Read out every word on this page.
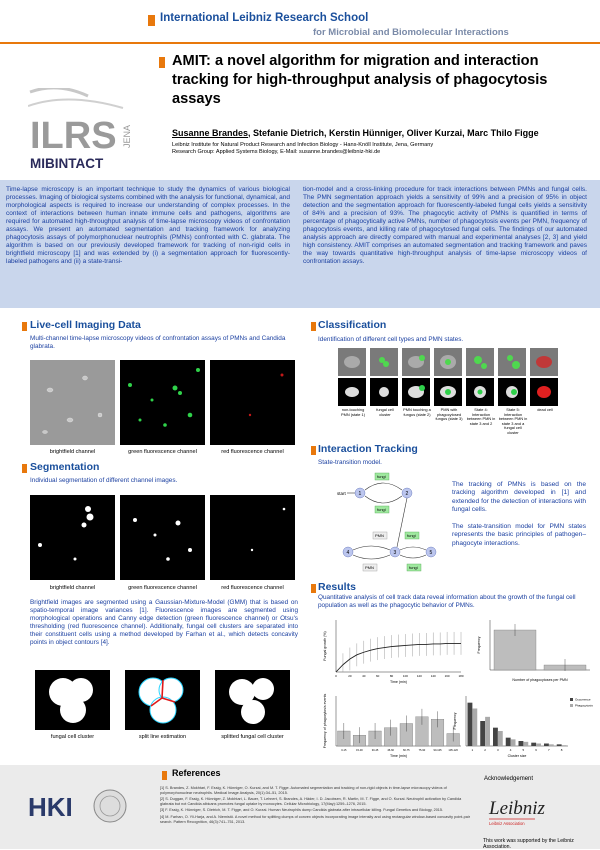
International Leibniz Research School
for Microbial and Biomolecular Interactions
ILRS JENA
MIBINTACT
AMIT: a novel algorithm for migration and interaction tracking for high-throughput analysis of phagocytosis assays
Susanne Brandes, Stefanie Dietrich, Kerstin Hünniger, Oliver Kurzai, Marc Thilo Figge
Leibniz Institute for Natural Product Research and Infection Biology - Hans-Knöll Institute, Jena, Germany
Research Group: Applied Systems Biology, E-Mail: susanne.brandes@leibniz-hki.de
Time-lapse microscopy is an important technique to study the dynamics of various biological processes. Imaging of biological systems combined with the analysis for functional, dynamical, and morphological aspects is required to increase our understanding of complex processes. In the context of interactions between human innate immune cells and pathogens, algorithms are required for automated high-throughput analysis of time-lapse microscopy videos of confrontation assays. We present an automated segmentation and tracking framework for analyzing phagocytosis assays of polymorphonuclear neutrophils (PMNs) confronted with C. glabrata. The algorithm is based on our previously developed framework for tracking of non-rigid cells in brightfield microscopy [1] and was extended by (i) a segmentation approach for fluorescently-labeled pathogens and (ii) a state-transi-
tion-model and a cross-linking procedure for track interactions between PMNs and fungal cells. The PMN segmentation approach yields a sensitivity of 99% and a precision of 95% in object detection and the segmentation approach for fluorescently-labeled fungal cells yields a sensitivity of 84% and a precision of 93%. The phagocytic activity of PMNs is quantified in terms of percentage of phagocytically active PMNs, number of phagocytosis events per PMN, frequency of phagocytosis events, and killing rate of phagocytosed fungal cells. The findings of our automated analysis approach are directly compared with manual and experimental analyses [2, 3] and yield high consistency. AMIT comprises an automated segmentation and tracking framework and paves the way towards quantitative high-throughput analysis of time-lapse microscopy videos of confrontation assays.
Live-cell Imaging Data
Multi-channel time-lapse microscopy videos of confrontation assays of PMNs and Candida glabrata.
brightfield channel	green fluorescence channel	red fluorescence channel
Segmentation
Individual segmentation of different channel images.
brightfield channel	green fluorescence channel	red fluorescence channel
Brightfield images are segmented using a Gaussian-Mixture-Model (GMM) that is based on spatio-temporal image variances [1]. Fluorescence images are segmented using morphological operations and Canny edge detection (green fluorescence channel) or Otsu's thresholding (red fluorescence channel). Additionally, fungal cell clusters are separated into their constituent cells using a method developed by Farhan et al., which detects concavity points in object contours [4].
fungal cell cluster	split line estimation	splitted fungal cell cluster
Classification
Identification of different cell types and PMN states.
non-touching PMN (state 1)
fungal cell cluster
PMN touching a fungus (state 2)
PMN with phagocytosed fungus (state 3)
State 4: Interaction between PMN in state 3 and 2
State 5: Interaction between PMN in state 3 and a fungal cell cluster
dead cell
Interaction Tracking
State-transition model.
start	1	2
fungi
fungi
PMN	fungi
4	3	5
PMN	fungi
The tracking of PMNs is based on the tracking algorithm developed in [1] and extended for the detection of interactions with fungal cells.
The state-transition model for PMN states represents the basic principles of pathogen–phagocyte interactions.
Results
Quantitative analysis of cell track data reveal information about the growth of the fungal cell population as well as the phagocytic behavior of PMNs.
Time (min)
Fungal growth (%)
0	20	40	60	80	100	120	140	160	180
Number of phagocytoses per PMN
Frequency
Time (min)
Frequency of phagocytosis events
0-15	15-30	30-45	45-60	60-75	75-90	90-105	105-120
Cluster size
Frequency
Occurrence
Phagocytosis
1	2	3	4	5	6	7	8
References
[1] S. Brandes, Z. Mokhtari, F. Essig, K. Hünniger, O. Kurzai, and M. T. Figge. Automated segmentation and tracking of non-rigid objects in time-lapse microscopy videos of polymorphonuclear neutrophils. Medical Image Analysis, 20(1):34–51, 2015.
[2] S. Duggan, F. Essig, K. Hünniger, Z. Mokhtari, L. Bauer, T. Lehnert, S. Brandes, A. Häder, I. D. Jacobsen, R. Martin, M. T. Figge, and O. Kurzai. Neutrophil activation by Candida glabrata but not Candida albicans promotes fungal uptake by monocytes. Cellular Microbiology, 17(May):1259–1276, 2015.
[3] F. Essig, K. Hünniger, S. Dietrich, M. T. Figge, and O. Kurzai. Human Neutrophils dump Candida glabrata after intracellular killing. Fungal Genetics and Biology, 2015.
[4] M. Farhan, O. Yli-Harja, and A. Niemistö. A novel method for splitting clumps of convex objects incorporating image intensity and using rectangular window-based concavity point-pair search. Pattern Recognition, 46(3):741–751, 2013.
HKI
Acknowledgement
Leibniz
Leibniz Association
This work was supported by the Leibniz Association.
